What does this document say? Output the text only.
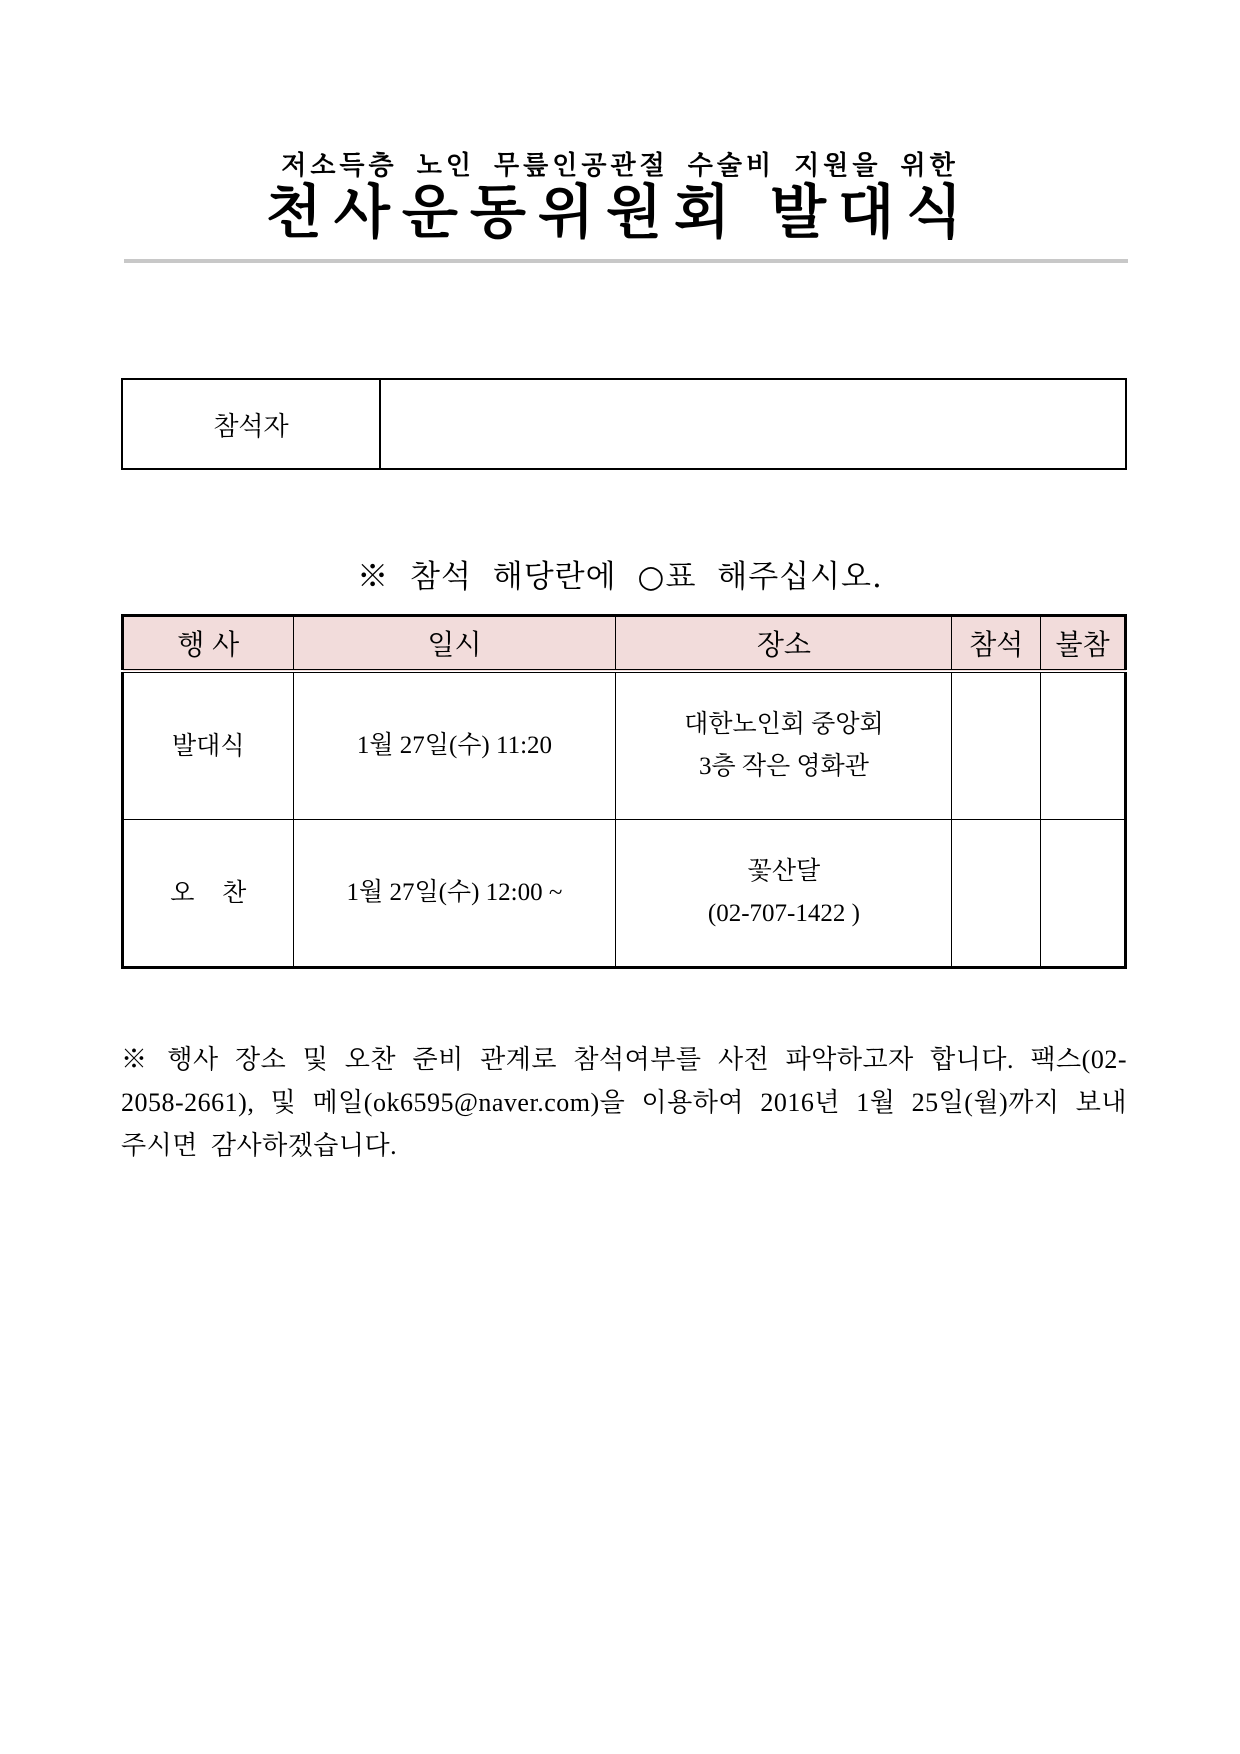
저소득층 노인 무릎인공관절 수술비 지원을 위한
천사운동위원회 발대식
참석자	
※ 참석 해당란에 ○표 해주십시오.
행 사	일시	장소	참석	불참
발대식	1월 27일(수) 11:20	대한노인회 중앙회
3층 작은 영화관		

오    찬	1월 27일(수) 12:00 ~	꽃산달
(02-707-1422 )		

※ 행사 장소 및 오찬 준비 관계로 참석여부를 사전 파악하고자 합니다. 팩스(02-2058-2661), 및 메일(ok6595@naver.com)을 이용하여 2016년 1월 25일(월)까지 보내주시면 감사하겠습니다.
